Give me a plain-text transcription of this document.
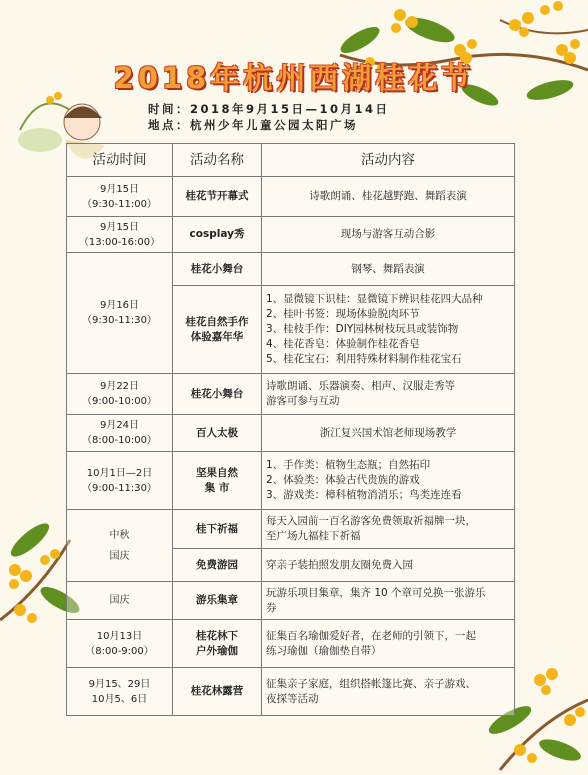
2018年杭州西湖桂花节
时间：2018年9月15日—10月14日
地点：杭州少年儿童公园太阳广场
活动时间	活动名称	活动内容

9月15日
（9:30-11:00）	桂花节开幕式	诗歌朗诵、桂花越野跑、舞蹈表演

9月15日
（13:00-16:00）	cosplay秀	现场与游客互动合影

9月16日
（9:30-11:30）	桂花小舞台	钢琴、舞蹈表演

	桂花自然手作
体验嘉年华	1、显微镜下识桂：显微镜下辨识桂花四大品种
2、桂叶书签：现场体验脱肉环节
3、桂枝手作：DIY园林树枝玩具或装饰物
4、桂花香皂：体验制作桂花香皂
5、桂花宝石：利用特殊材料制作桂花宝石

9月22日
（9:00-10:00）	桂花小舞台	诗歌朗诵、乐器演奏、相声、汉服走秀等
游客可参与互动

9月24日
（8:00-10:00）	百人太极	浙江复兴国术馆老师现场教学

10月1日—2日
（9:00-11:30）	坚果自然
集 市	1、手作类：植物生态瓶；自然拓印
2、体验类：体验古代贵族的游戏
3、游戏类：樟科植物消消乐；鸟类连连看

中秋
国庆	桂下祈福	每天入园前一百名游客免费领取祈福牌一块，
至广场九福桂下祈福

	免费游园	穿亲子装拍照发朋友圈免费入园

国庆	游乐集章	玩游乐项目集章，集齐 10 个章可兑换一张游乐
券

10月13日
（8:00-9:00）	桂花林下
户外瑜伽	征集百名瑜伽爱好者，在老师的引领下，一起
练习瑜伽（瑜伽垫自带）

9月15、29日
10月5、6日	桂花林露营	征集亲子家庭，组织搭帐篷比赛、亲子游戏、
夜探等活动
